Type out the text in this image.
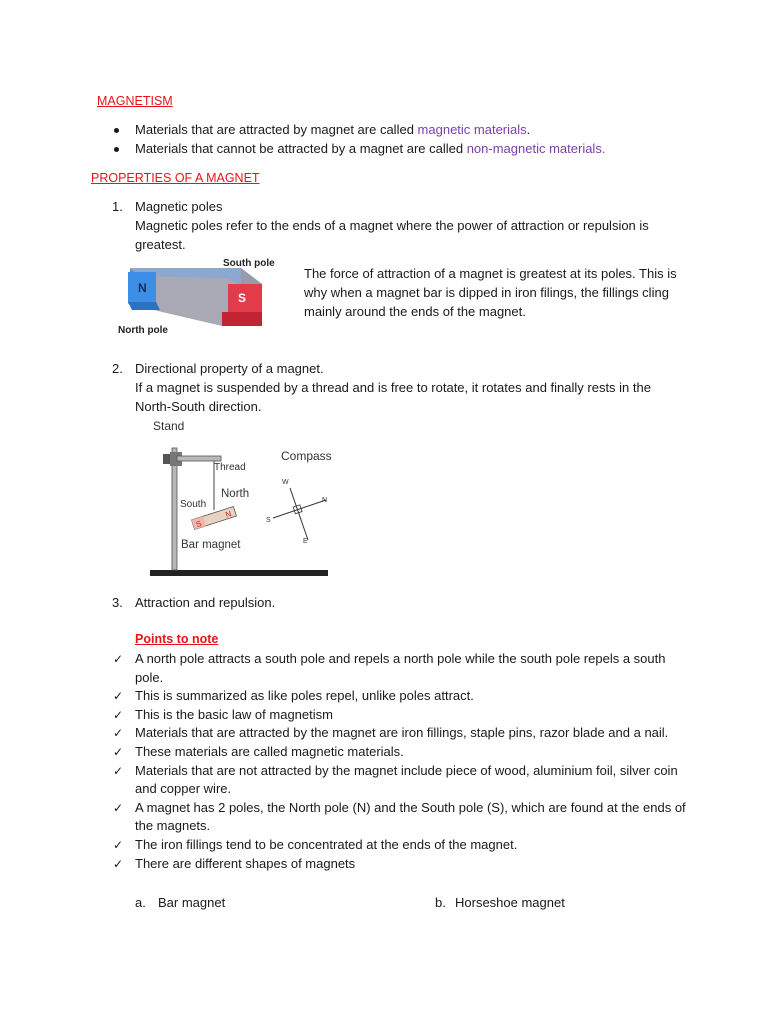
MAGNETISM
Materials that are attracted by magnet are called magnetic materials.
Materials that cannot be attracted by a magnet are called non-magnetic materials.
PROPERTIES OF A MAGNET
1. Magnetic poles
Magnetic poles refer to the ends of a magnet where the power of attraction or repulsion is
greatest.
N
S
South pole
North pole
The force of attraction of a magnet is greatest at its poles. This is
why when a magnet bar is dipped in iron filings, the fillings cling
mainly around the ends of the magnet.
2. Directional property of a magnet.
If a magnet is suspended by a thread and is free to rotate, it rotates and finally rests in the
North-South direction.
S
N
W
N
S
E
Stand
Thread
Compass
North
South
Bar magnet
3. Attraction and repulsion.
Points to note
✓ A north pole attracts a south pole and repels a north pole while the south pole repels a south
pole.
✓ This is summarized as like poles repel, unlike poles attract.
✓ This is the basic law of magnetism
✓ Materials that are attracted by the magnet are iron fillings, staple pins, razor blade and a nail.
✓ These materials are called magnetic materials.
✓ Materials that are not attracted by the magnet include piece of wood, aluminium foil, silver coin
and copper wire.
✓ A magnet has 2 poles, the North pole (N) and the South pole (S), which are found at the ends of
the magnets.
✓ The iron fillings tend to be concentrated at the ends of the magnet.
✓ There are different shapes of magnets
a. Bar magnet	b. Horseshoe magnet
